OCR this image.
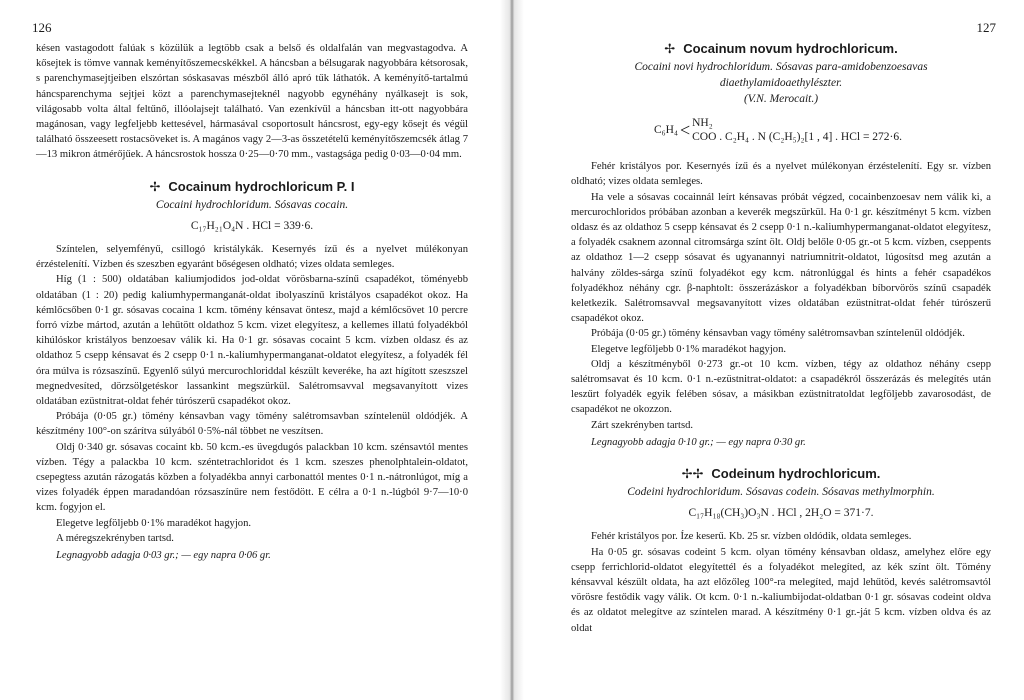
126

késen vastagodott falúak s közülük a legtöbb csak a belső és oldalfalán van megvastagodva. A kősejtek is tömve vannak keményítőszemecskékkel. A háncsban a bélsugarak nagyobbára kétsorosak, s parenchymasejtjeiben elszórtan sóskasavas mészből álló apró tűk láthatók. A keményítő-tartalmú háncsparenchyma sejtjei közt a parenchymasejteknél nagyobb egynéhány nyálkasejt is sok, világosabb volta által feltűnő, illóolajsejt található. Van ezenkívül a háncsban itt-ott nagyobbára magánosan, vagy legfeljebb kettesével, hármasával csoportosult háncsrost, egy-egy kősejt és végül található összeesett rostacsöveket is. A magános vagy 2—3-as összetételű keményítőszemcsék átlag 7—13 mikron átmérőjűek. A háncsrostok hossza 0·25—0·70 mm., vastagsága pedig 0·03—0·04 mm.

✢ Cocainum hydrochloricum P. I
Cocaini hydrochloridum. Sósavas cocain.
C₁₇H₂₁O₄N . HCl = 339·6.

Színtelen, selyemfényű, csillogó kristálykák. Kesernyés ízű és a nyelvet múlékonyan érzéstelenítí. Vízben és szeszben egyaránt bőségesen oldható; vizes oldata semleges.

Híg (1 : 500) oldatában kaliumjodidos jod-oldat vörösbarna-színű csapadékot, töményebb oldatában (1 : 20) pedig kaliumhypermanganát-oldat ibolyaszínű kristályos csapadékot okoz. Ha kémlőcsőben 0·1 gr. sósavas cocaina 1 kcm. tömény kénsavat öntesz, majd a kémlőcsövet 10 percre forró vízbe mártod, azután a lehűtött oldathoz 5 kcm. vizet elegyítesz, a kellemes illatú folyadékból kihúlóskor kristályos benzoesav válik ki. Ha 0·1 gr. sósavas cocaint 5 kcm. vízben oldasz és az oldathoz 5 csepp kénsavat és 2 csepp 0·1 n.-kaliumhypermanganat-oldatot elegyítesz, a folyadék fél óra múlva is rózsaszínű. Egyenlő súlyú mercurochloriddal készült keveréke, ha azt hígított szeszszel megnedvesíted, dörzsölgetéskor lassankint megszürkül. Salétromsavval megsavanyított vizes oldatában ezüstnitrat-oldat fehér túrószerű csapadékot okoz.

Próbája (0·05 gr.) tömény kénsavban vagy tömény salétromsavban színtelenül oldódjék. A készítmény 100°-on szárítva súlyából 0·5%-nál többet ne veszítsen.

Oldj 0·340 gr. sósavas cocaint kb. 50 kcm.-es üvegdugós palackban 10 kcm. szénsavtól mentes vízben. Tégy a palackba 10 kcm. széntetrachloridot és 1 kcm. szeszes phenolphtalein-oldatot, csepegtess azután rázogatás közben a folyadékba annyi carbonattól mentes 0·1 n.-nátronlúgot, míg a vizes folyadék éppen maradandóan rózsaszínűre nem festődött. E célra a 0·1 n.-lúgból 9·7—10·0 kcm. fogyjon el.

Elegetve legföljebb 0·1% maradékot hagyjon.

A méregszekrényben tartsd.

Legnagyobb adagja 0·03 gr.; — egy napra 0·06 gr.

127
✢ Cocainum novum hydrochloricum.
Cocaini novi hydrochloridum. Sósavas para-amidobenzoesavas
diaethylamidoaethylészter.
(V.N. Merocait.)
C₆H₄ < NH₂
COO . C₂H₄ . N (C₂H₅)₂[1 , 4] . HCl = 272·6.

Fehér kristályos por. Kesernyés ízű és a nyelvet múlékonyan érzéstelenítí. Egy sr. vízben oldható; vizes oldata semleges.

Ha vele a sósavas cocainnál leírt kénsavas próbát végzed, cocainbenzoesav nem válik ki, a mercurochloridos próbában azonban a keverék megszürkül. Ha 0·1 gr. készítményt 5 kcm. vízben oldasz és az oldathoz 5 csepp kénsavat és 2 csepp 0·1 n.-kaliumhypermanganat-oldatot elegyítesz, a folyadék csaknem azonnal citromsárga színt ölt. Oldj belőle 0·05 gr.-ot 5 kcm. vízben, cseppents az oldathoz 1—2 csepp sósavat és ugyanannyi natriumnitrit-oldatot, lúgosítsd meg azután a halvány zöldes-sárga színű folyadékot egy kcm. nátronlúggal és hints a fehér csapadékos folyadékhoz néhány cgr. β-naphtolt: összerázáskor a folyadékban bíborvörös színű csapadék keletkezik. Salétromsavval megsavanyított vizes oldatában ezüstnitrat-oldat fehér túrószerű csapadékot okoz.

Próbája (0·05 gr.) tömény kénsavban vagy tömény salétromsavban színtelenül oldódjék.

Elegetve legföljebb 0·1% maradékot hagyjon.

Oldj a készítményből 0·273 gr.-ot 10 kcm. vízben, tégy az oldathoz néhány csepp salétromsavat és 10 kcm. 0·1 n.-ezüstnitrat-oldatot: a csapadékról összerázás és melegítés után leszűrt folyadék egyik felében sósav, a másikban ezüstnitratoldat legföljebb zavarosodást, de csapadékot ne okozzon.

Zárt szekrényben tartsd.

Legnagyobb adagja 0·10 gr.; — egy napra 0·30 gr.

✢✢ Codeinum hydrochloricum.
Codeini hydrochloridum. Sósavas codein. Sósavas methylmorphin.
C₁₇H₁₈(CH₃)O₃N . HCl , 2H₂O = 371·7.

Fehér kristályos por. Íze keserű. Kb. 25 sr. vízben oldódik, oldata semleges.

Ha 0·05 gr. sósavas codeint 5 kcm. olyan tömény kénsavban oldasz, amelyhez előre egy csepp ferrichlorid-oldatot elegyítettél és a folyadékot melegíted, az kék színt ölt. Tömény kénsavval készült oldata, ha azt előzőleg 100°-ra melegíted, majd lehűtöd, kevés salétromsavtól vörösre festődik vagy válik. Ot kcm. 0·1 n.-kaliumbijodat-oldatban 0·1 gr. sósavas codeint oldva és az oldatot melegítve az színtelen marad. A készítmény 0·1 gr.-ját 5 kcm. vízben oldva és az oldat
